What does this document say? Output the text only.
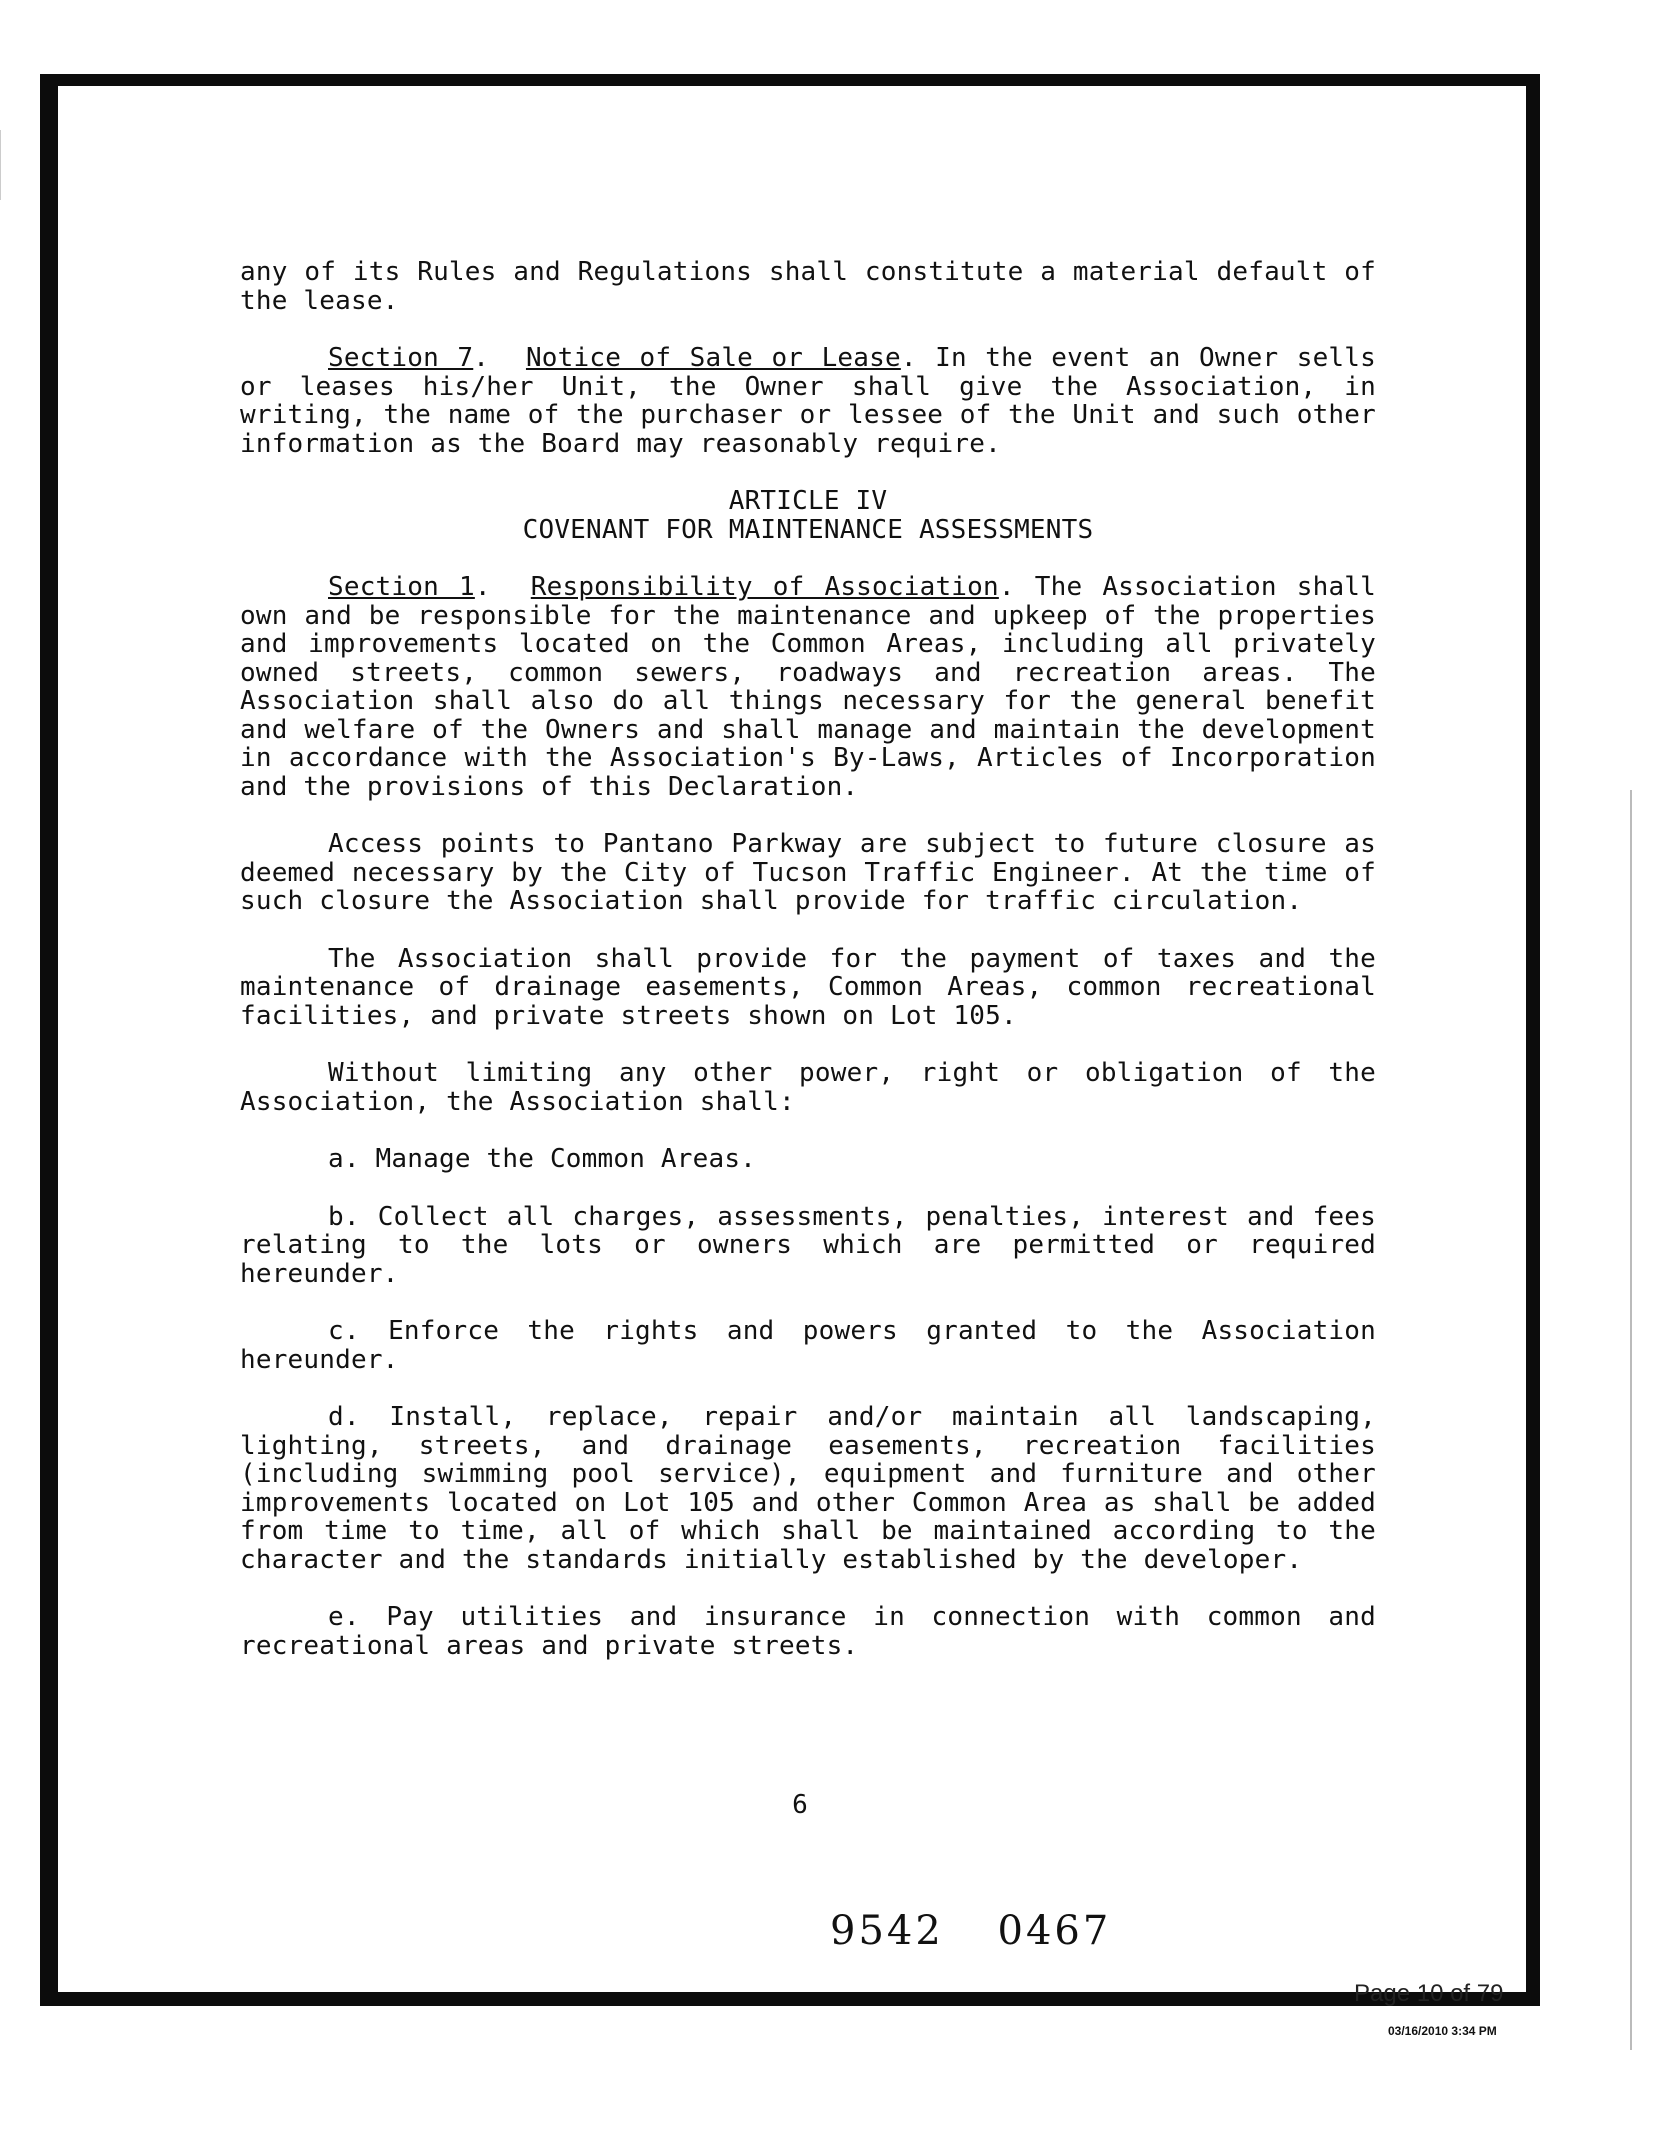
any of its Rules and Regulations shall constitute a material default of the lease.

Section 7.  Notice of Sale or Lease. In the event an Owner sells or leases his/her Unit, the Owner shall give the Association, in writing, the name of the purchaser or lessee of the Unit and such other information as the Board may reasonably require.

ARTICLE IV

COVENANT FOR MAINTENANCE ASSESSMENTS

Section 1.  Responsibility of Association. The Association shall own and be responsible for the maintenance and upkeep of the properties and improvements located on the Common Areas, including all privately owned streets, common sewers, roadways and recreation areas. The Association shall also do all things necessary for the general benefit and welfare of the Owners and shall manage and maintain the development in accordance with the Association's By-Laws, Articles of Incorporation and the provisions of this Declaration.

Access points to Pantano Parkway are subject to future closure as deemed necessary by the City of Tucson Traffic Engineer. At the time of such closure the Association shall provide for traffic circulation.

The Association shall provide for the payment of taxes and the maintenance of drainage easements, Common Areas, common recreational facilities, and private streets shown on Lot 105.

Without limiting any other power, right or obligation of the Association, the Association shall:

a. Manage the Common Areas.

b. Collect all charges, assessments, penalties, interest and fees relating to the lots or owners which are permitted or required hereunder.

c. Enforce the rights and powers granted to the Association hereunder.

d. Install, replace, repair and/or maintain all landscaping, lighting, streets, and drainage easements, recreation facilities (including swimming pool service), equipment and furniture and other improvements located on Lot 105 and other Common Area as shall be added from time to time, all of which shall be maintained according to the character and the standards initially established by the developer.

e. Pay utilities and insurance in connection with common and recreational areas and private streets.

6
9542 0467
Page 10 of 79
03/16/2010 3:34 PM
